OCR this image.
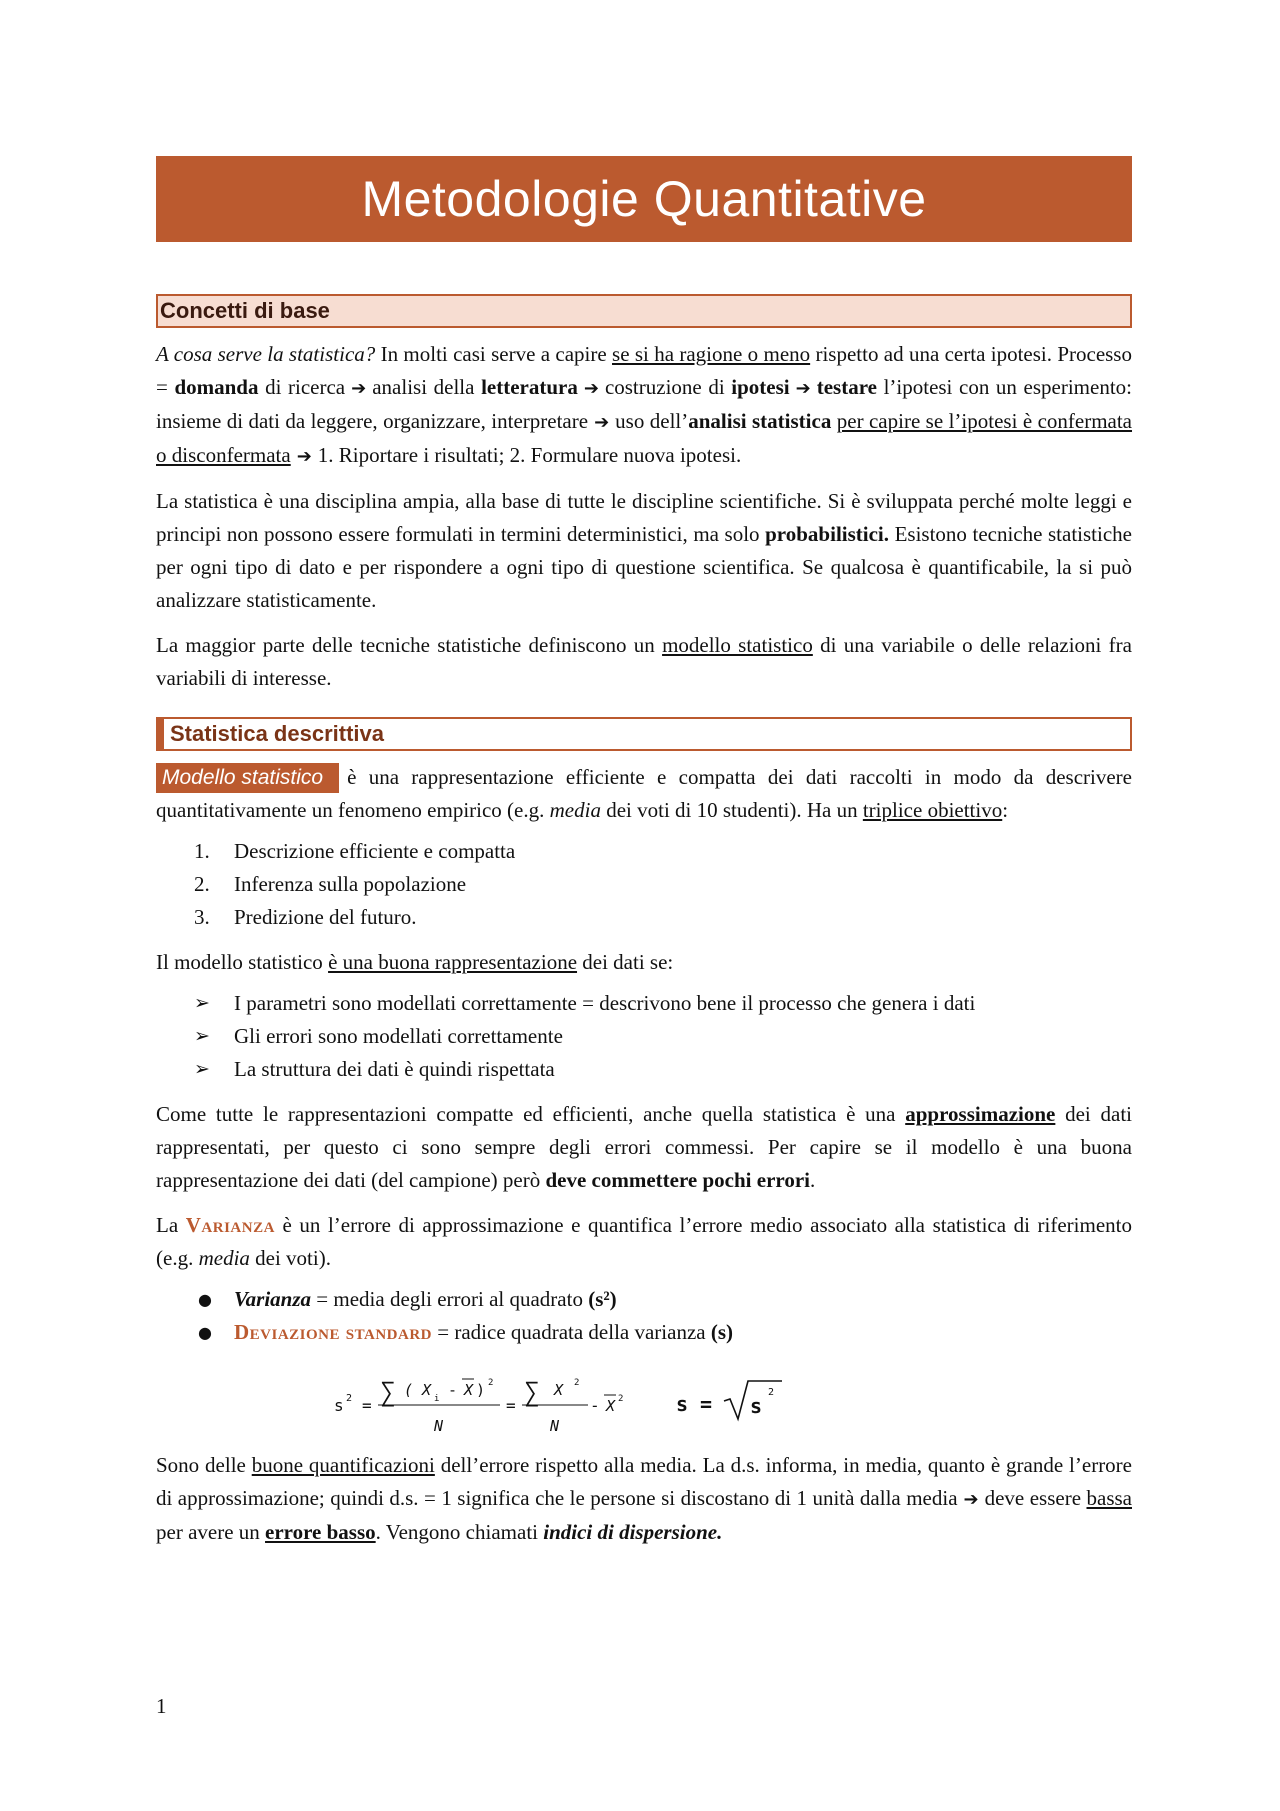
Metodologie Quantitative
Concetti di base

A cosa serve la statistica? In molti casi serve a capire se si ha ragione o meno rispetto ad una certa ipotesi. Processo = domanda di ricerca ➔ analisi della letteratura ➔ costruzione di ipotesi ➔ testare l’ipotesi con un esperimento: insieme di dati da leggere, organizzare, interpretare ➔ uso dell’analisi statistica per capire se l’ipotesi è confermata o disconfermata ➔ 1. Riportare i risultati; 2. Formulare nuova ipotesi.

La statistica è una disciplina ampia, alla base di tutte le discipline scientifiche. Si è sviluppata perché molte leggi e principi non possono essere formulati in termini deterministici, ma solo probabilistici. Esistono tecniche statistiche per ogni tipo di dato e per rispondere a ogni tipo di questione scientifica. Se qualcosa è quantificabile, la si può analizzare statisticamente.

La maggior parte delle tecniche statistiche definiscono un modello statistico di una variabile o delle relazioni fra variabili di interesse.

Statistica descrittiva

Modello statistico è una rappresentazione efficiente e compatta dei dati raccolti in modo da descrivere quantitativamente un fenomeno empirico (e.g. media dei voti di 10 studenti). Ha un triplice obiettivo:

1. Descrizione efficiente e compatta
2. Inferenza sulla popolazione
3. Predizione del futuro.

Il modello statistico è una buona rappresentazione dei dati se:

➢ I parametri sono modellati correttamente = descrivono bene il processo che genera i dati
➢ Gli errori sono modellati correttamente
➢ La struttura dei dati è quindi rispettata

Come tutte le rappresentazioni compatte ed efficienti, anche quella statistica è una approssimazione dei dati rappresentati, per questo ci sono sempre degli errori commessi. Per capire se il modello è una buona rappresentazione dei dati (del campione) però deve commettere pochi errori.

La Varianza è un l’errore di approssimazione e quantifica l’errore medio associato alla statistica di riferimento (e.g. media dei voti).

● Varianza = media degli errori al quadrato (s²)
● Deviazione standard = radice quadrata della varianza (s)
s 2 = ∑ ( X i - X ) 2
N
= ∑ X 2
N
- X 2	s = s
2

Sono delle buone quantificazioni dell’errore rispetto alla media. La d.s. informa, in media, quanto è grande l’errore di approssimazione; quindi d.s. = 1 significa che le persone si discostano di 1 unità dalla media ➔ deve essere bassa per avere un errore basso. Vengono chiamati indici di dispersione.

1
